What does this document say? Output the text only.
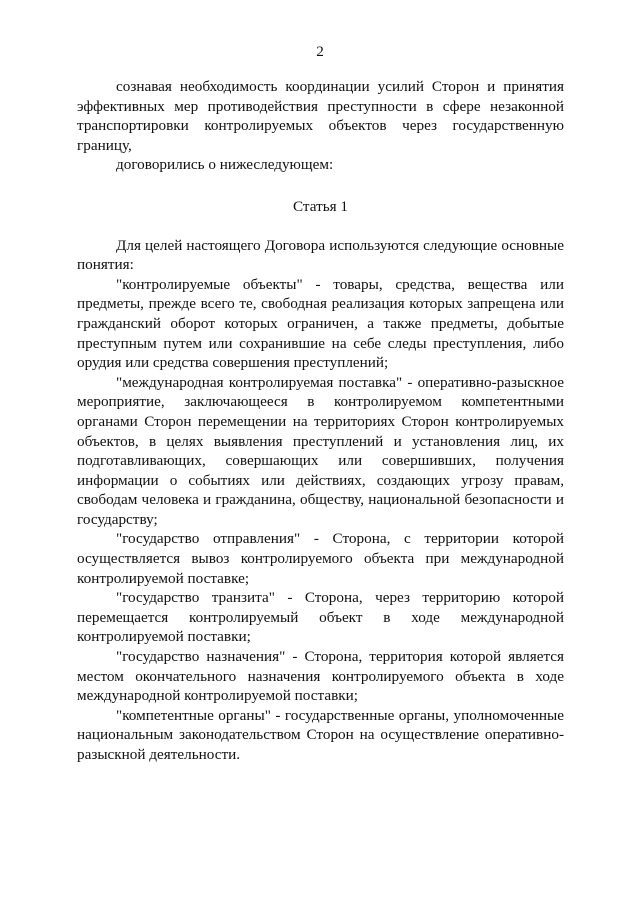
2

сознавая необходимость координации усилий Сторон и принятия эффективных мер противодействия преступности в сфере незаконной транспортировки контролируемых объектов через государственную границу,

договорились о нижеследующем:

Статья 1

Для целей настоящего Договора используются следующие основные понятия:

"контролируемые объекты" - товары, средства, вещества или предметы, прежде всего те, свободная реализация которых запрещена или гражданский оборот которых ограничен, а также предметы, добытые преступным путем или сохранившие на себе следы преступления, либо орудия или средства совершения преступлений;

"международная контролируемая поставка" - оперативно-разыскное мероприятие, заключающееся в контролируемом компетентными органами Сторон перемещении на территориях Сторон контролируемых объектов, в целях выявления преступлений и установления лиц, их подготавливающих, совершающих или совершивших, получения информации о событиях или действиях, создающих угрозу правам, свободам человека и гражданина, обществу, национальной безопасности и государству;

"государство отправления" - Сторона, с территории которой осуществляется вывоз контролируемого объекта при международной контролируемой поставке;

"государство транзита" - Сторона, через территорию которой перемещается контролируемый объект в ходе международной контролируемой поставки;

"государство назначения" - Сторона, территория которой является местом окончательного назначения контролируемого объекта в ходе международной контролируемой поставки;

"компетентные органы" - государственные органы, уполномоченные национальным законодательством Сторон на осуществление оперативно-разыскной деятельности.
